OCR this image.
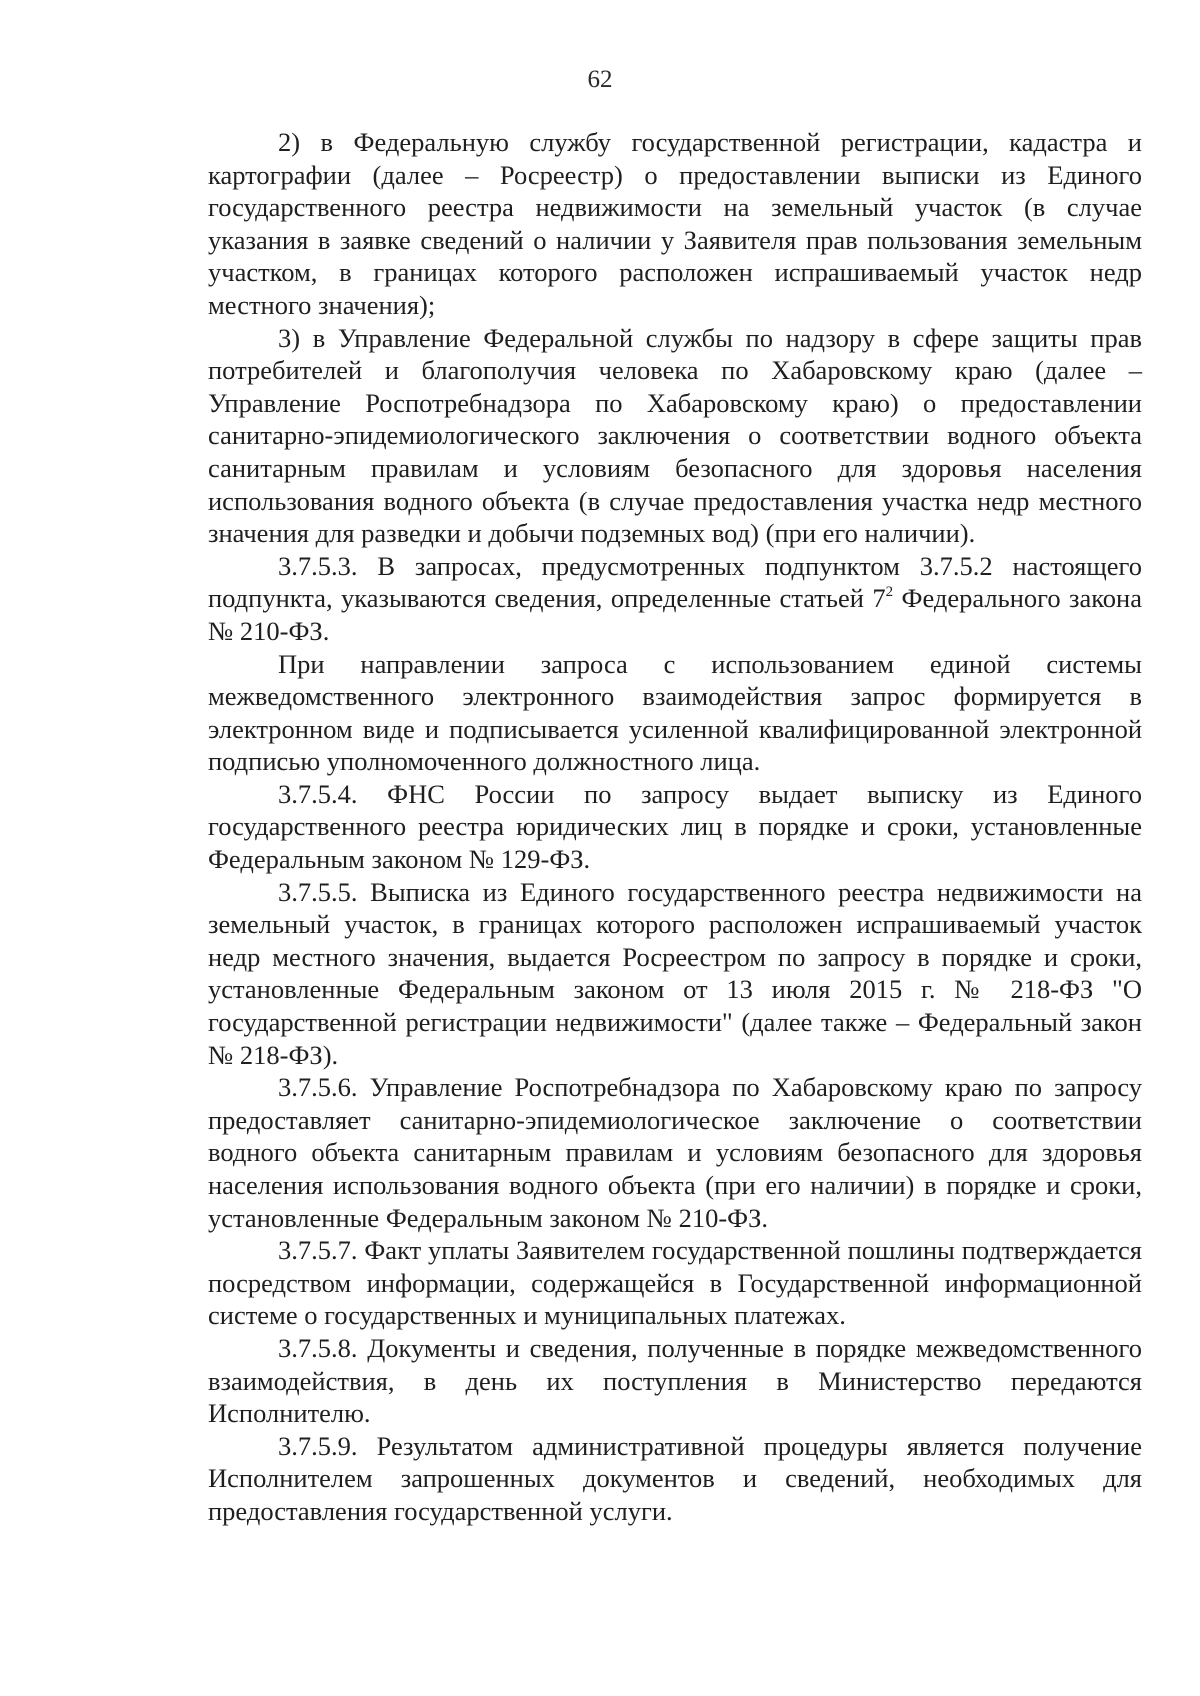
62

2) в Федеральную службу государственной регистрации, кадастра и картографии (далее – Росреестр) о предоставлении выписки из Единого государственного реестра недвижимости на земельный участок (в случае указания в заявке сведений о наличии у Заявителя прав пользования земельным участком, в границах которого расположен испрашиваемый участок недр местного значения);

3) в Управление Федеральной службы по надзору в сфере защиты прав потребителей и благополучия человека по Хабаровскому краю (далее – Управление Роспотребнадзора по Хабаровскому краю) о предоставлении санитарно-эпидемиологического заключения о соответствии водного объекта санитарным правилам и условиям безопасного для здоровья населения использования водного объекта (в случае предоставления участка недр местного значения для разведки и добычи подземных вод) (при его наличии).

3.7.5.3. В запросах, предусмотренных подпунктом 3.7.5.2 настоящего подпункта, указываются сведения, определенные статьей $7^2$ Федерального закона № 210-ФЗ.

При направлении запроса с использованием единой системы межведомственного электронного взаимодействия запрос формируется в электронном виде и подписывается усиленной квалифицированной электронной подписью уполномоченного должностного лица.

3.7.5.4. ФНС России по запросу выдает выписку из Единого государственного реестра юридических лиц в порядке и сроки, установленные Федеральным законом № 129-ФЗ.

3.7.5.5. Выписка из Единого государственного реестра недвижимости на земельный участок, в границах которого расположен испрашиваемый участок недр местного значения, выдается Росреестром по запросу в порядке и сроки, установленные Федеральным законом от 13 июля 2015 г. № 218-ФЗ "О государственной регистрации недвижимости" (далее также – Федеральный закон № 218-ФЗ).

3.7.5.6. Управление Роспотребнадзора по Хабаровскому краю по запросу предоставляет санитарно-эпидемиологическое заключение о соответствии водного объекта санитарным правилам и условиям безопасного для здоровья населения использования водного объекта (при его наличии) в порядке и сроки, установленные Федеральным законом № 210-ФЗ.

3.7.5.7. Факт уплаты Заявителем государственной пошлины подтверждается посредством информации, содержащейся в Государственной информационной системе о государственных и муниципальных платежах.

3.7.5.8. Документы и сведения, полученные в порядке межведомственного взаимодействия, в день их поступления в Министерство передаются Исполнителю.

3.7.5.9. Результатом административной процедуры является получение Исполнителем запрошенных документов и сведений, необходимых для предоставления государственной услуги.
